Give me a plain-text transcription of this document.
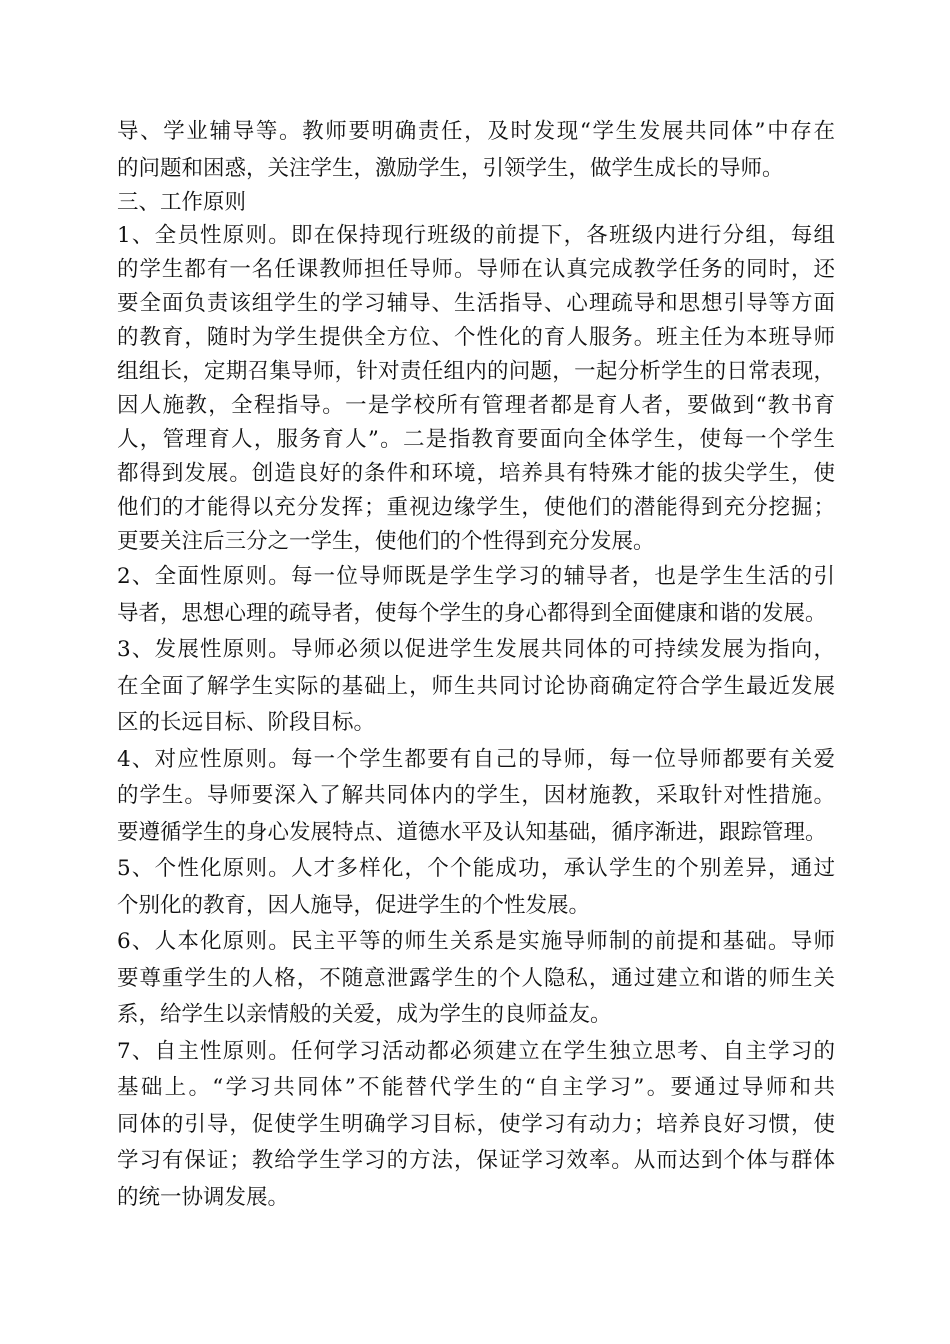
导、学业辅导等。教师要明确责任，及时发现“学生发展共同体”中存在
的问题和困惑，关注学生，激励学生，引领学生，做学生成长的导师。
三、工作原则
1、全员性原则。即在保持现行班级的前提下，各班级内进行分组，每组
的学生都有一名任课教师担任导师。导师在认真完成教学任务的同时，还
要全面负责该组学生的学习辅导、生活指导、心理疏导和思想引导等方面
的教育，随时为学生提供全方位、个性化的育人服务。班主任为本班导师
组组长，定期召集导师，针对责任组内的问题，一起分析学生的日常表现，
因人施教，全程指导。一是学校所有管理者都是育人者，要做到“教书育
人，管理育人，服务育人”。二是指教育要面向全体学生，使每一个学生
都得到发展。创造良好的条件和环境，培养具有特殊才能的拔尖学生，使
他们的才能得以充分发挥；重视边缘学生，使他们的潜能得到充分挖掘；
更要关注后三分之一学生，使他们的个性得到充分发展。
2、全面性原则。每一位导师既是学生学习的辅导者，也是学生生活的引
导者，思想心理的疏导者，使每个学生的身心都得到全面健康和谐的发展。
3、发展性原则。导师必须以促进学生发展共同体的可持续发展为指向，
在全面了解学生实际的基础上，师生共同讨论协商确定符合学生最近发展
区的长远目标、阶段目标。
4、对应性原则。每一个学生都要有自己的导师，每一位导师都要有关爱
的学生。导师要深入了解共同体内的学生，因材施教，采取针对性措施。
要遵循学生的身心发展特点、道德水平及认知基础，循序渐进，跟踪管理。
5、个性化原则。人才多样化，个个能成功，承认学生的个别差异，通过
个别化的教育，因人施导，促进学生的个性发展。
6、人本化原则。民主平等的师生关系是实施导师制的前提和基础。导师
要尊重学生的人格，不随意泄露学生的个人隐私，通过建立和谐的师生关
系，给学生以亲情般的关爱，成为学生的良师益友。
7、自主性原则。任何学习活动都必须建立在学生独立思考、自主学习的
基础上。“学习共同体”不能替代学生的“自主学习”。要通过导师和共
同体的引导，促使学生明确学习目标，使学习有动力；培养良好习惯，使
学习有保证；教给学生学习的方法，保证学习效率。从而达到个体与群体
的统一协调发展。
